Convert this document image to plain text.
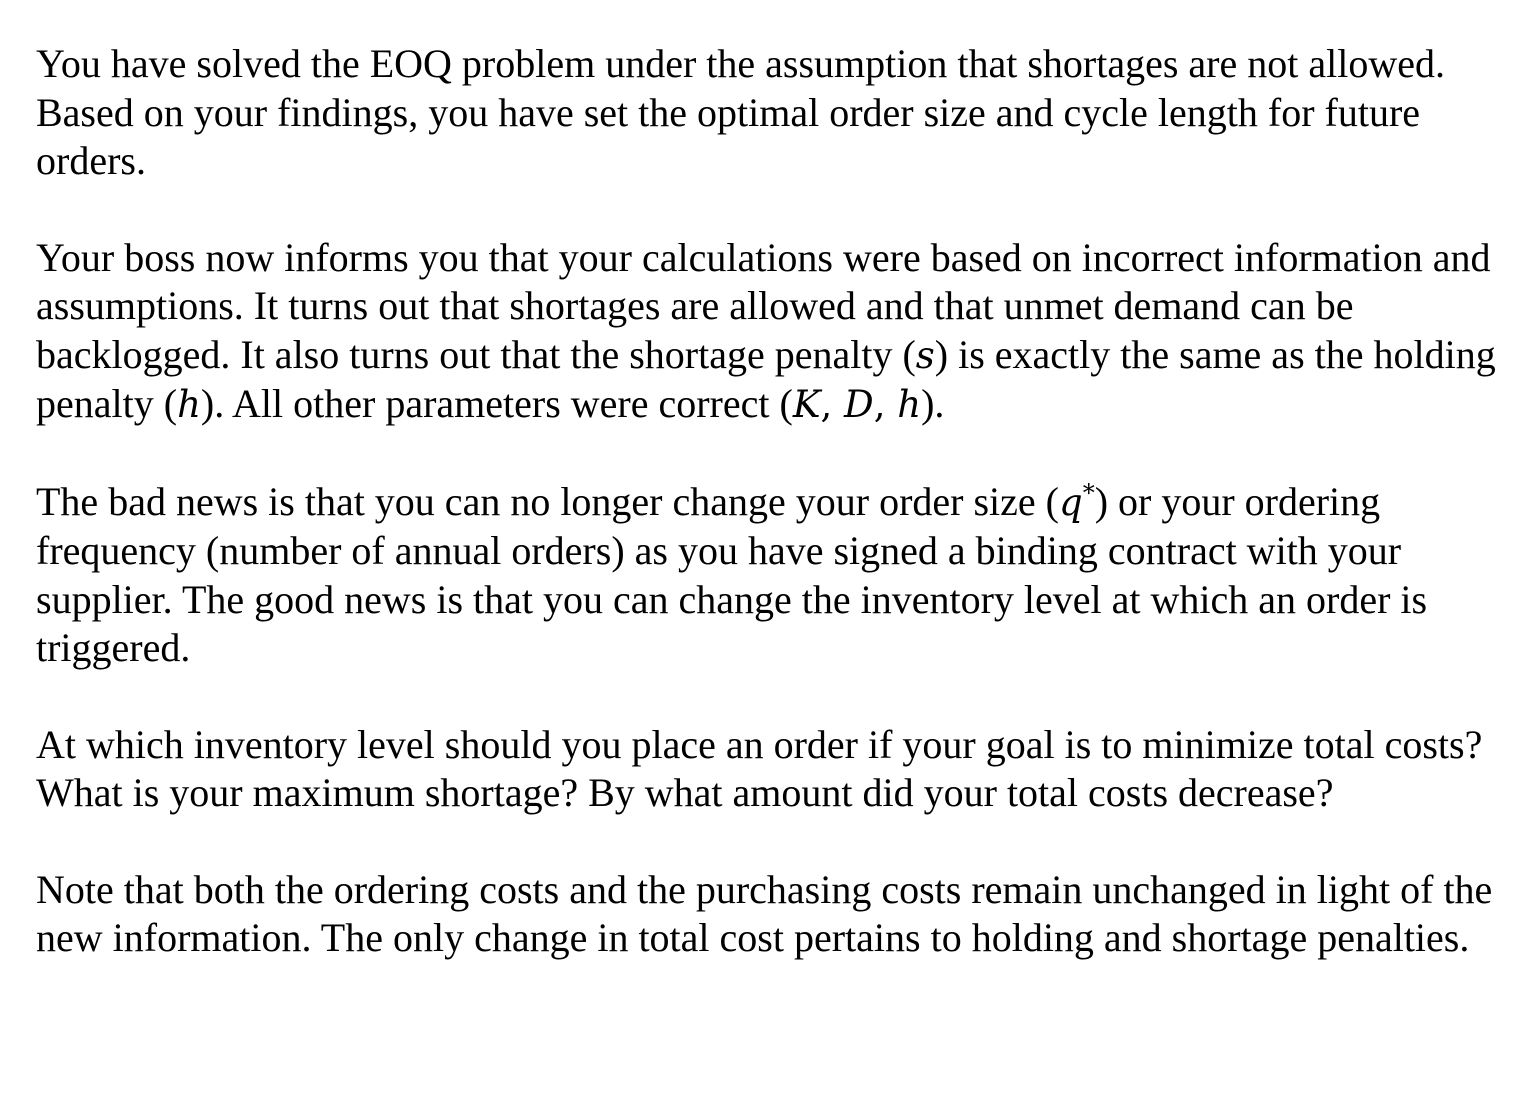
You have solved the EOQ problem under the assumption that shortages are not allowed. Based on your findings, you have set the optimal order size and cycle length for future orders.

Your boss now informs you that your calculations were based on incorrect information and assumptions. It turns out that shortages are allowed and that unmet demand can be backlogged. It also turns out that the shortage penalty (s) is exactly the same as the holding penalty (h). All other parameters were correct (K, D, h).

The bad news is that you can no longer change your order size (q*) or your ordering frequency (number of annual orders) as you have signed a binding contract with your supplier. The good news is that you can change the inventory level at which an order is triggered.

At which inventory level should you place an order if your goal is to minimize total costs? What is your maximum shortage? By what amount did your total costs decrease?

Note that both the ordering costs and the purchasing costs remain unchanged in light of the new information. The only change in total cost pertains to holding and shortage penalties.
